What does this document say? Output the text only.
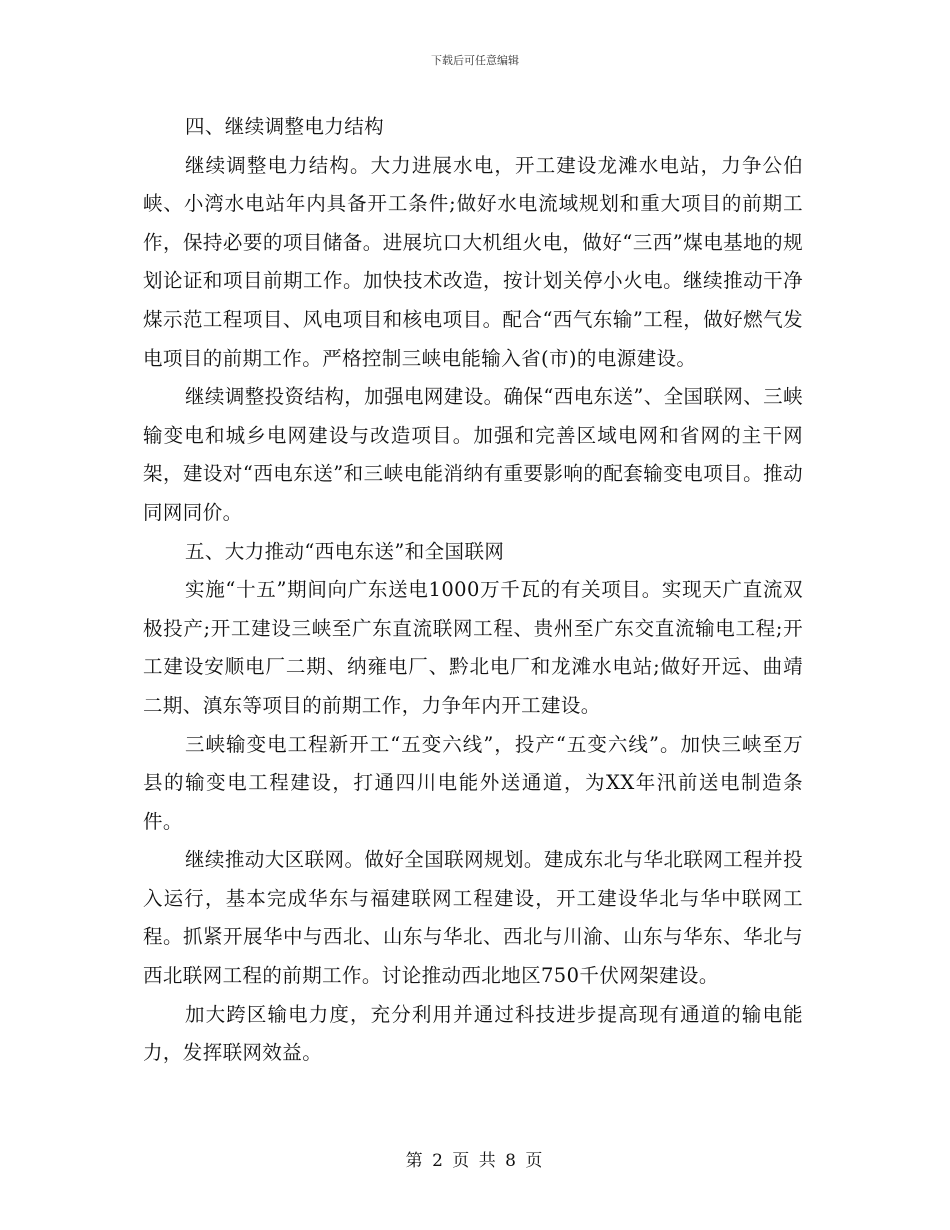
下载后可任意编辑

四、继续调整电力结构

继续调整电力结构。大力进展水电，开工建设龙滩水电站，力争公伯峡、小湾水电站年内具备开工条件;做好水电流域规划和重大项目的前期工作，保持必要的项目储备。进展坑口大机组火电，做好“三西”煤电基地的规划论证和项目前期工作。加快技术改造，按计划关停小火电。继续推动干净煤示范工程项目、风电项目和核电项目。配合“西气东输”工程，做好燃气发电项目的前期工作。严格控制三峡电能输入省(市)的电源建设。

继续调整投资结构，加强电网建设。确保“西电东送”、全国联网、三峡输变电和城乡电网建设与改造项目。加强和完善区域电网和省网的主干网架，建设对“西电东送”和三峡电能消纳有重要影响的配套输变电项目。推动同网同价。

五、大力推动“西电东送”和全国联网

实施“十五”期间向广东送电1000万千瓦的有关项目。实现天广直流双极投产;开工建设三峡至广东直流联网工程、贵州至广东交直流输电工程;开工建设安顺电厂二期、纳雍电厂、黔北电厂和龙滩水电站;做好开远、曲靖二期、滇东等项目的前期工作，力争年内开工建设。

三峡输变电工程新开工“五变六线”，投产“五变六线”。加快三峡至万县的输变电工程建设，打通四川电能外送通道，为XX年汛前送电制造条件。

继续推动大区联网。做好全国联网规划。建成东北与华北联网工程并投入运行，基本完成华东与福建联网工程建设，开工建设华北与华中联网工程。抓紧开展华中与西北、山东与华北、西北与川渝、山东与华东、华北与西北联网工程的前期工作。讨论推动西北地区750千伏网架建设。

加大跨区输电力度，充分利用并通过科技进步提高现有通道的输电能力，发挥联网效益。

第 2 页 共 8 页
